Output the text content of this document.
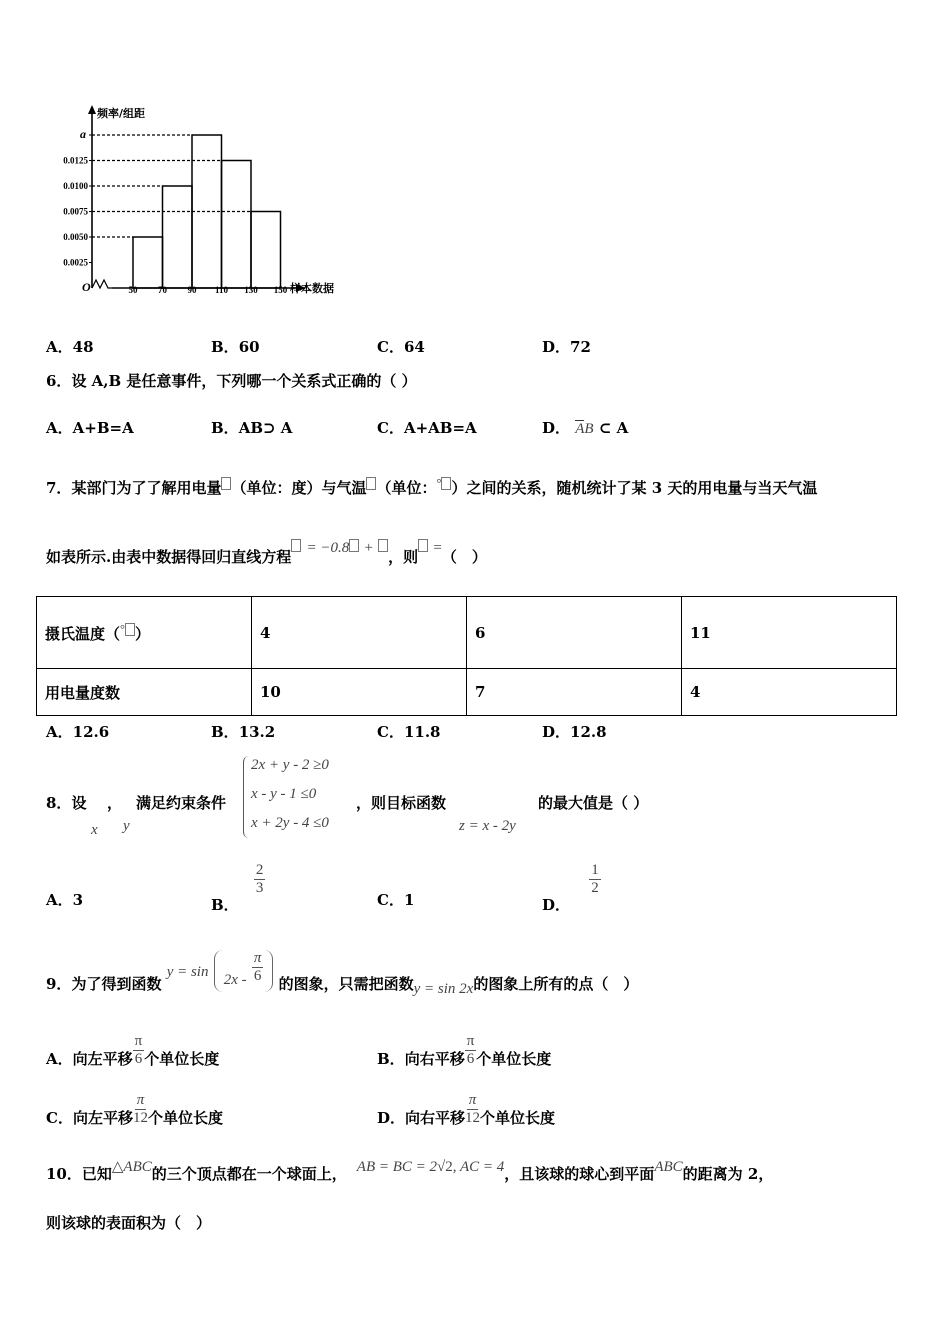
a
0.0125
0.0100
0.0075
0.0050
0.0025
50 70 90 110 130 150
频率/组距
样本数据
O
A．48	B．60	C．64	D．72
6．设 A,B 是任意事件，下列哪一个关系式正确的（ ）
A．A+B=A	B．AB⊃ A	C．A+AB=A	D． AB ⊂ A
7．某部门为了了解用电量 （单位：度）与气温 （单位：° ）之间的关系，随机统计了某 3 天的用电量与当天气温
如表所示.由表中数据得回归直线方程 = −0.8 + ，则 =（　）
摄氏温度（° ）	4	6	11
用电量度数	10	7	4
A．12.6	B．13.2	C．11.8	D．12.8
8．设 ， 满足约束条件
x y
2x + y - 2 ≥0
x - y - 1 ≤0
x + 2y - 4 ≤0
，则目标函数
z = x - 2y
的最大值是（ ）
A．3	B．
$\frac{2}{3}$
C．1	D．
$\frac{1}{2}$
9．为了得到函数 $y = \sin 2x - \frac{\pi}{6}$ 的图象，只需把函数y = sin 2x的图象上所有的点（　）
A．向左平移 $\frac{\pi}{6}$ 个单位长度	B．向右平移 $\frac{\pi}{6}$ 个单位长度
C．向左平移 $\frac{\pi}{12}$ 个单位长度	D．向右平移 $\frac{\pi}{12}$ 个单位长度
10．已知△ABC的三个顶点都在一个球面上， AB = BC = 2√2, AC = 4，且该球的球心到平面ABC的距离为 2，
则该球的表面积为（　）
